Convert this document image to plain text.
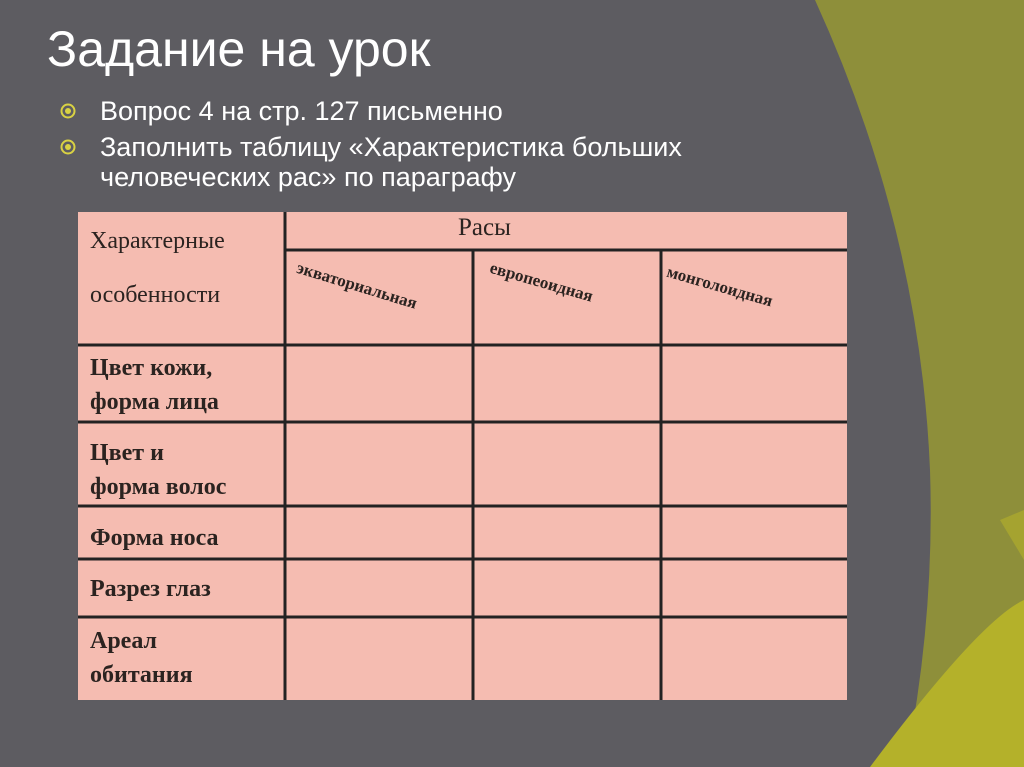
Задание на урок
Вопрос 4 на стр. 127 письменно
Заполнить таблицу «Характеристика больших человеческих рас» по параграфу
Характерные
особенности
Расы
экваториальная	европеоидная	монголоидная
Цвет кожи,
форма лица
Цвет и
форма волос
Форма носа
Разрез глаз
Ареал
обитания
